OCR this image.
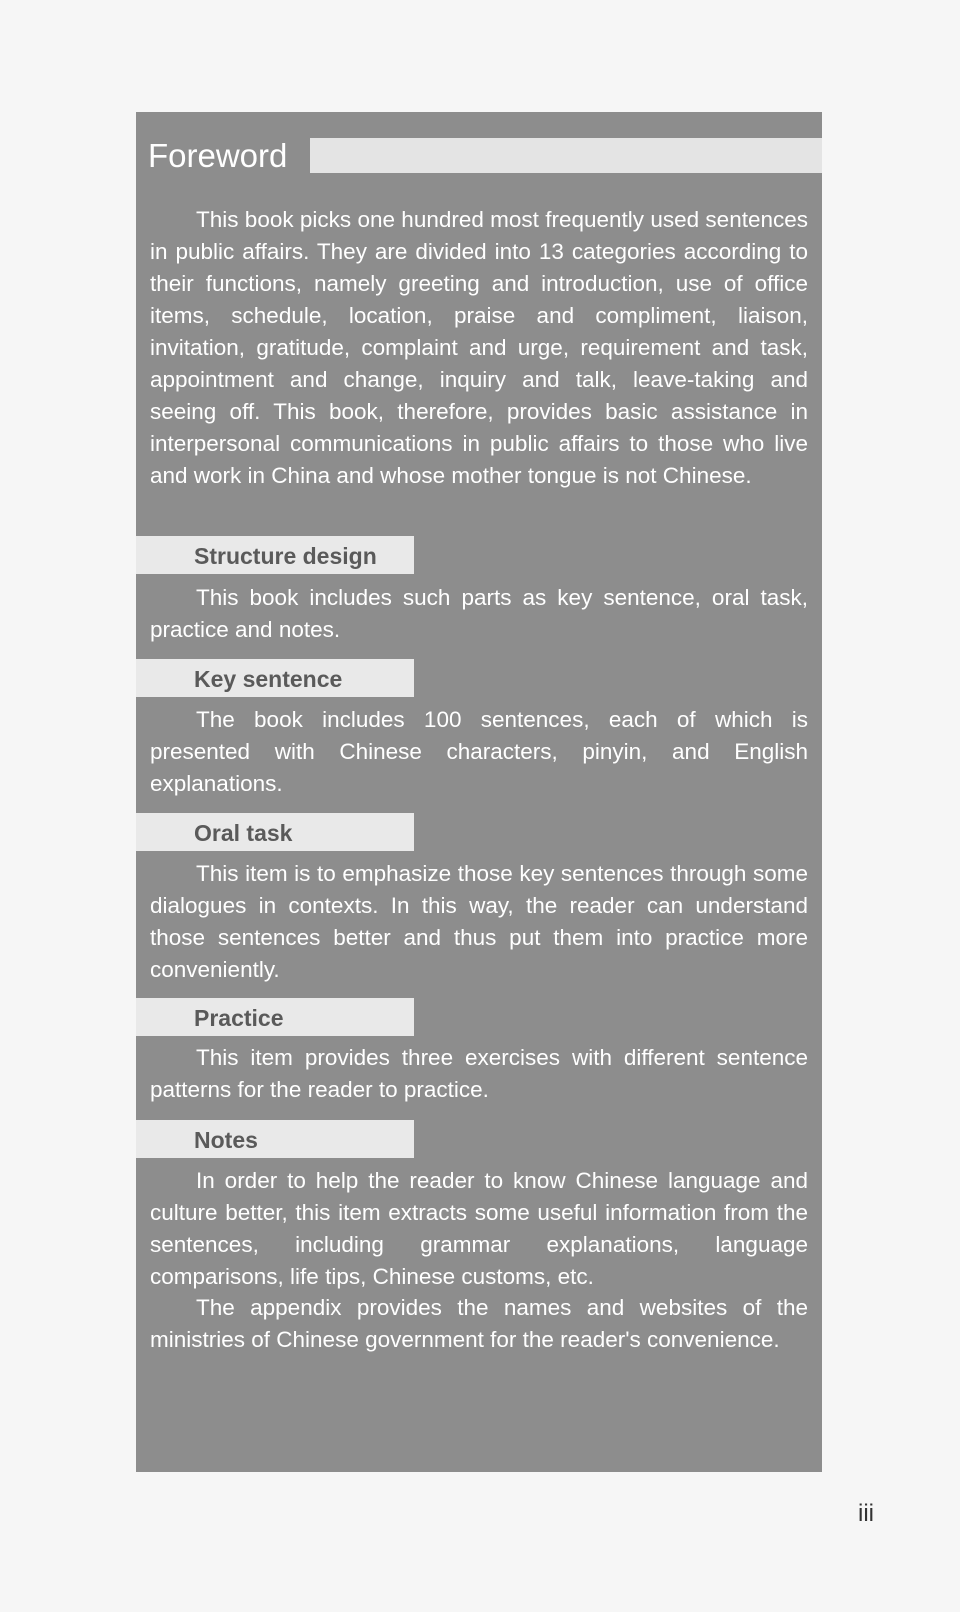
Foreword

This book picks one hundred most frequently used sentences in public affairs. They are divided into 13 categories according to their functions, namely greeting and introduction, use of office items, schedule, location, praise and compliment, liaison, invitation, gratitude, complaint and urge, requirement and task, appointment and change, inquiry and talk, leave-taking and seeing off. This book, therefore, provides basic assistance in interpersonal communications in public affairs to those who live and work in China and whose mother tongue is not Chinese.

Structure design

This book includes such parts as key sentence, oral task, practice and notes.

Key sentence

The book includes 100 sentences, each of which is presented with Chinese characters, pinyin, and English explanations.

Oral task

This item is to emphasize those key sentences through some dialogues in contexts. In this way, the reader can understand those sentences better and thus put them into practice more conveniently.

Practice

This item provides three exercises with different sentence patterns for the reader to practice.

Notes

In order to help the reader to know Chinese language and culture better, this item extracts some useful information from the sentences, including grammar explanations, language comparisons, life tips, Chinese customs, etc.

The appendix provides the names and websites of the ministries of Chinese government for the reader's convenience.

iii
